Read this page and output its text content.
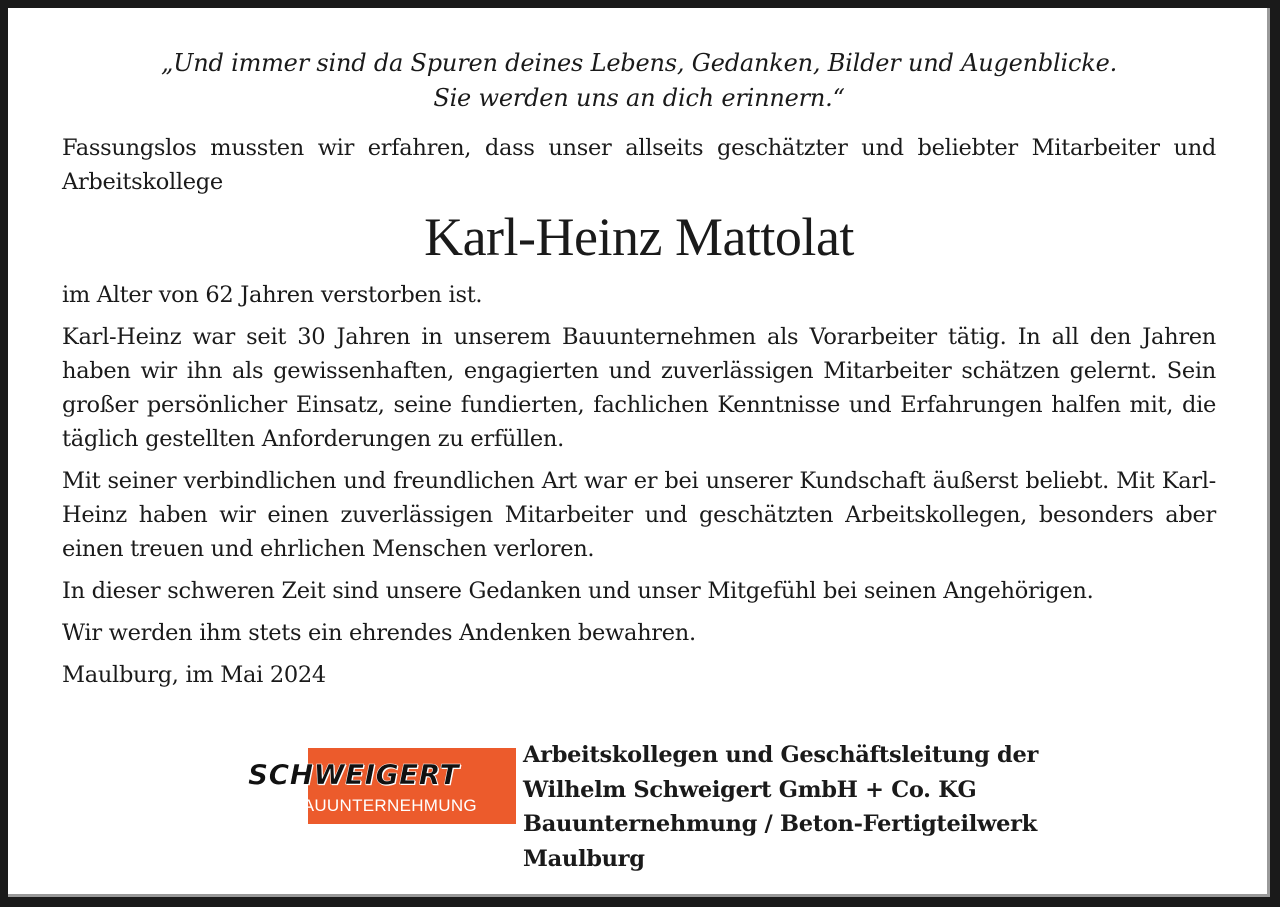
„Und immer sind da Spuren deines Lebens, Gedanken, Bilder und Augenblicke.
Sie werden uns an dich erinnern.“

Fassungslos mussten wir erfahren, dass unser allseits geschätzter und beliebter Mitarbeiter und Arbeitskollege

Karl-Heinz Mattolat

im Alter von 62 Jahren verstorben ist.

Karl-Heinz war seit 30 Jahren in unserem Bauunternehmen als Vorarbeiter tätig. In all den Jahren haben wir ihn als gewissenhaften, engagierten und zuverlässigen Mitarbeiter schätzen gelernt. Sein großer persönlicher Einsatz, seine fundierten, fachlichen Kenntnisse und Erfahrungen halfen mit, die täglich gestellten Anforderungen zu erfüllen.

Mit seiner verbindlichen und freundlichen Art war er bei unserer Kundschaft äußerst beliebt. Mit Karl-Heinz haben wir einen zuverlässigen Mitarbeiter und geschätzten Arbeitskollegen, besonders aber einen treuen und ehrlichen Menschen verloren.

In dieser schweren Zeit sind unsere Gedanken und unser Mitgefühl bei seinen Angehörigen.

Wir werden ihm stets ein ehrendes Andenken bewahren.

Maulburg, im Mai 2024

SCHWEIGERT
BAUUNTERNEHMUNG
Arbeitskollegen und Geschäftsleitung der
Wilhelm Schweigert GmbH + Co. KG
Bauunternehmung / Beton-Fertigteilwerk
Maulburg
